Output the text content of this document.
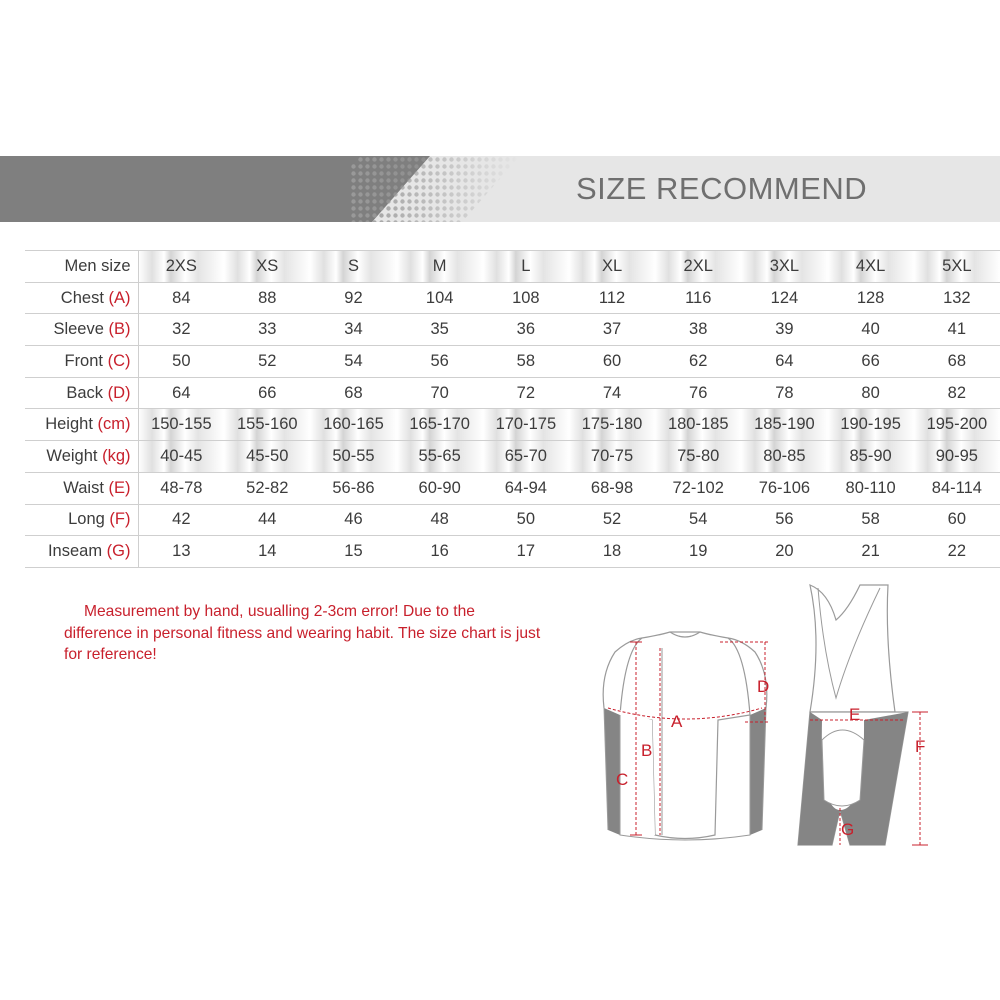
SIZE RECOMMEND
Men size	2XS	XS	S	M	L	XL	2XL	3XL	4XL	5XL
Chest (A)	84	88	92	104	108	112	116	124	128	132
Sleeve (B)	32	33	34	35	36	37	38	39	40	41
Front (C)	50	52	54	56	58	60	62	64	66	68
Back (D)	64	66	68	70	72	74	76	78	80	82
Height (cm)	150-155	155-160	160-165	165-170	170-175	175-180	180-185	185-190	190-195	195-200
Weight (kg)	40-45	45-50	50-55	55-65	65-70	70-75	75-80	80-85	85-90	90-95
Waist (E)	48-78	52-82	56-86	60-90	64-94	68-98	72-102	76-106	80-110	84-114
Long (F)	42	44	46	48	50	52	54	56	58	60
Inseam (G)	13	14	15	16	17	18	19	20	21	22
Measurement by hand, usualling 2-3cm error! Due to the difference in personal fitness and wearing habit. The size chart is just for reference!
A
B
C
D
E
F
G
